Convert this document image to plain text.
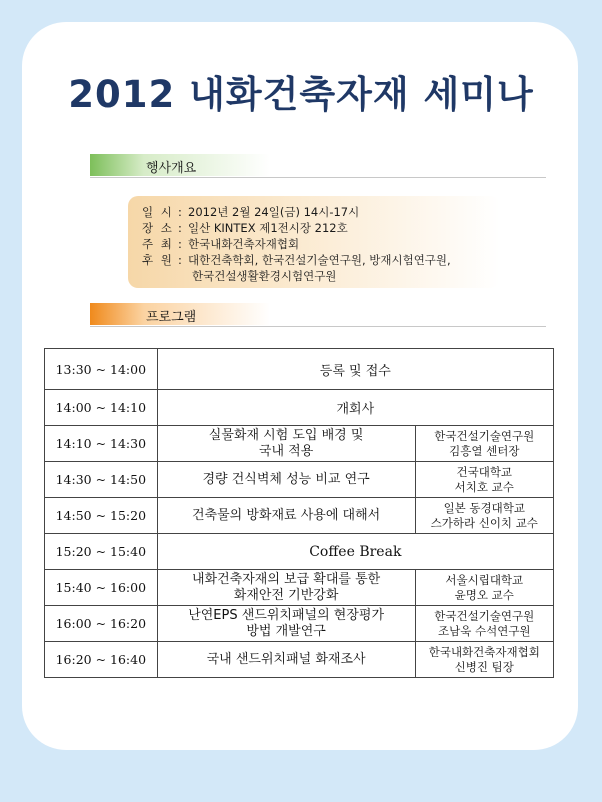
2012 내화건축자재 세미나
행사개요
일 시 : 2012년 2월 24일(금) 14시-17시
장 소 : 일산 KINTEX 제1전시장 212호
주 최 : 한국내화건축자재협회
후 원 : 대한건축학회, 한국건설기술연구원, 방재시험연구원,
한국건설생활환경시험연구원
프로그램
13:30 ~ 14:00	등록 및 접수	
14:00 ~ 14:10	개회사	
14:10 ~ 14:30	실물화재 시험 도입 배경 및
국내 적용	한국건설기술연구원
김흥열 센터장

14:30 ~ 14:50	경량 건식벽체 성능 비교 연구	건국대학교
서치호 교수

14:50 ~ 15:20	건축물의 방화재료 사용에 대해서	일본 동경대학교
스가하라 신이치 교수

15:20 ~ 15:40	Coffee Break	
15:40 ~ 16:00	내화건축자재의 보급 확대를 통한
화재안전 기반강화	서울시립대학교
윤명오 교수

16:00 ~ 16:20	난연EPS 샌드위치패널의 현장평가
방법 개발연구	한국건설기술연구원
조남욱 수석연구원

16:20 ~ 16:40	국내 샌드위치패널 화재조사	한국내화건축자재협회
신병진 팀장
